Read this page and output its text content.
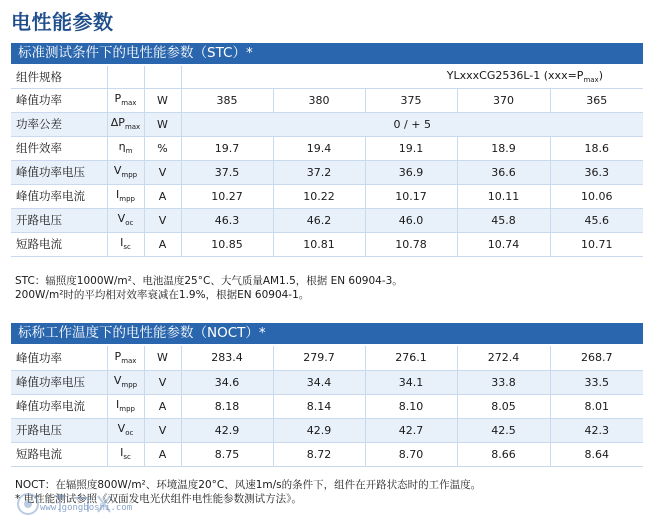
电性能参数
标准测试条件下的电性能参数（STC）*
组件规格			YLxxxCG2536L-1 $(xxx=P_{max})$				
峰值功率	$P_{max}$	W	385	380	375	370	365
功率公差	$\Delta P_{max}$	W	0 / + 5				
组件效率	$\eta_m$	%	19.7	19.4	19.1	18.9	18.6
峰值功率电压	$V_{mpp}$	V	37.5	37.2	36.9	36.6	36.3
峰值功率电流	$I_{mpp}$	A	10.27	10.22	10.17	10.11	10.06
开路电压	$V_{oc}$	V	46.3	46.2	46.0	45.8	45.6
短路电流	$I_{sc}$	A	10.85	10.81	10.78	10.74	10.71
STC：辐照度1000W/m²、电池温度25°C、大气质量AM1.5，根据 EN 60904-3。
200W/m²时的平均相对效率衰减在1.9%，根据EN 60904-1。
标称工作温度下的电性能参数（NOCT）*
峰值功率	$P_{max}$	W	283.4	279.7	276.1	272.4	268.7
峰值功率电压	$V_{mpp}$	V	34.6	34.4	34.1	33.8	33.5
峰值功率电流	$I_{mpp}$	A	8.18	8.14	8.10	8.05	8.01
开路电压	$V_{oc}$	V	42.9	42.9	42.7	42.5	42.3
短路电流	$I_{sc}$	A	8.75	8.72	8.70	8.66	8.64
NOCT：在辐照度800W/m²、环境温度20°C、风速1m/s的条件下，组件在开路状态时的工作温度。
* 电性能测试参照《双面发电光伏组件电性能参数测试方法》。
www.gongboshi.com
